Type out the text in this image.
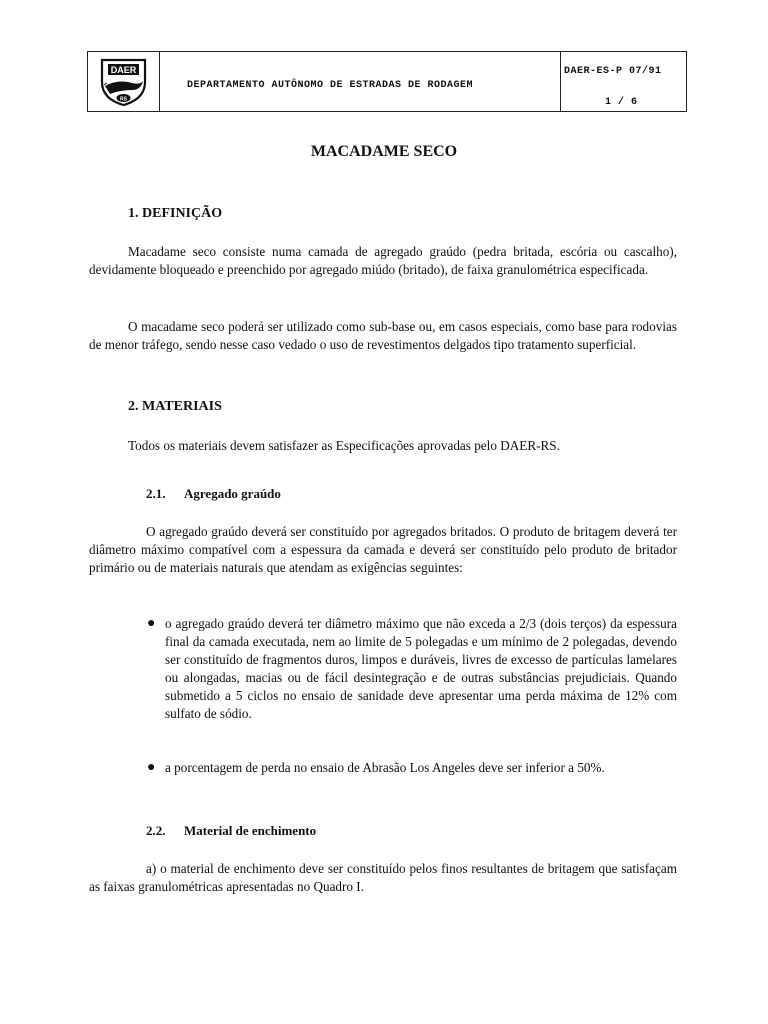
DAER
RS
DEPARTAMENTO AUTÔNOMO DE ESTRADAS DE RODAGEM
DAER-ES-P 07/91
1 / 6
MACADAME SECO
1. DEFINIÇÃO
Macadame seco consiste numa camada de agregado graúdo (pedra britada, escória ou cascalho), devidamente bloqueado e preenchido por agregado miúdo (britado), de faixa granulométrica especificada.
O macadame seco poderá ser utilizado como sub-base ou, em casos especiais, como base para rodovias de menor tráfego, sendo nesse caso vedado o uso de revestimentos delgados tipo tratamento superficial.
2. MATERIAIS
Todos os materiais devem satisfazer as Especificações aprovadas pelo DAER-RS.
2.1. Agregado graúdo
O agregado graúdo deverá ser constituído por agregados britados. O produto de britagem deverá ter diâmetro máximo compatível com a espessura da camada e deverá ser constituído pelo produto de britador primário ou de materiais naturais que atendam as exigências seguintes:
● o agregado graúdo deverá ter diâmetro máximo que não exceda a 2/3 (dois terços) da espessura final da camada executada, nem ao limite de 5 polegadas e um mínimo de 2 polegadas, devendo ser constituído de fragmentos duros, limpos e duráveis, livres de excesso de partículas lamelares ou alongadas, macias ou de fácil desintegração e de outras substâncias prejudiciais. Quando submetido a 5 ciclos no ensaio de sanidade deve apresentar uma perda máxima de 12% com sulfato de sódio.
● a porcentagem de perda no ensaio de Abrasão Los Angeles deve ser inferior a 50%.
2.2. Material de enchimento
a) o material de enchimento deve ser constituído pelos finos resultantes de britagem que satisfaçam as faixas granulométricas apresentadas no Quadro I.
